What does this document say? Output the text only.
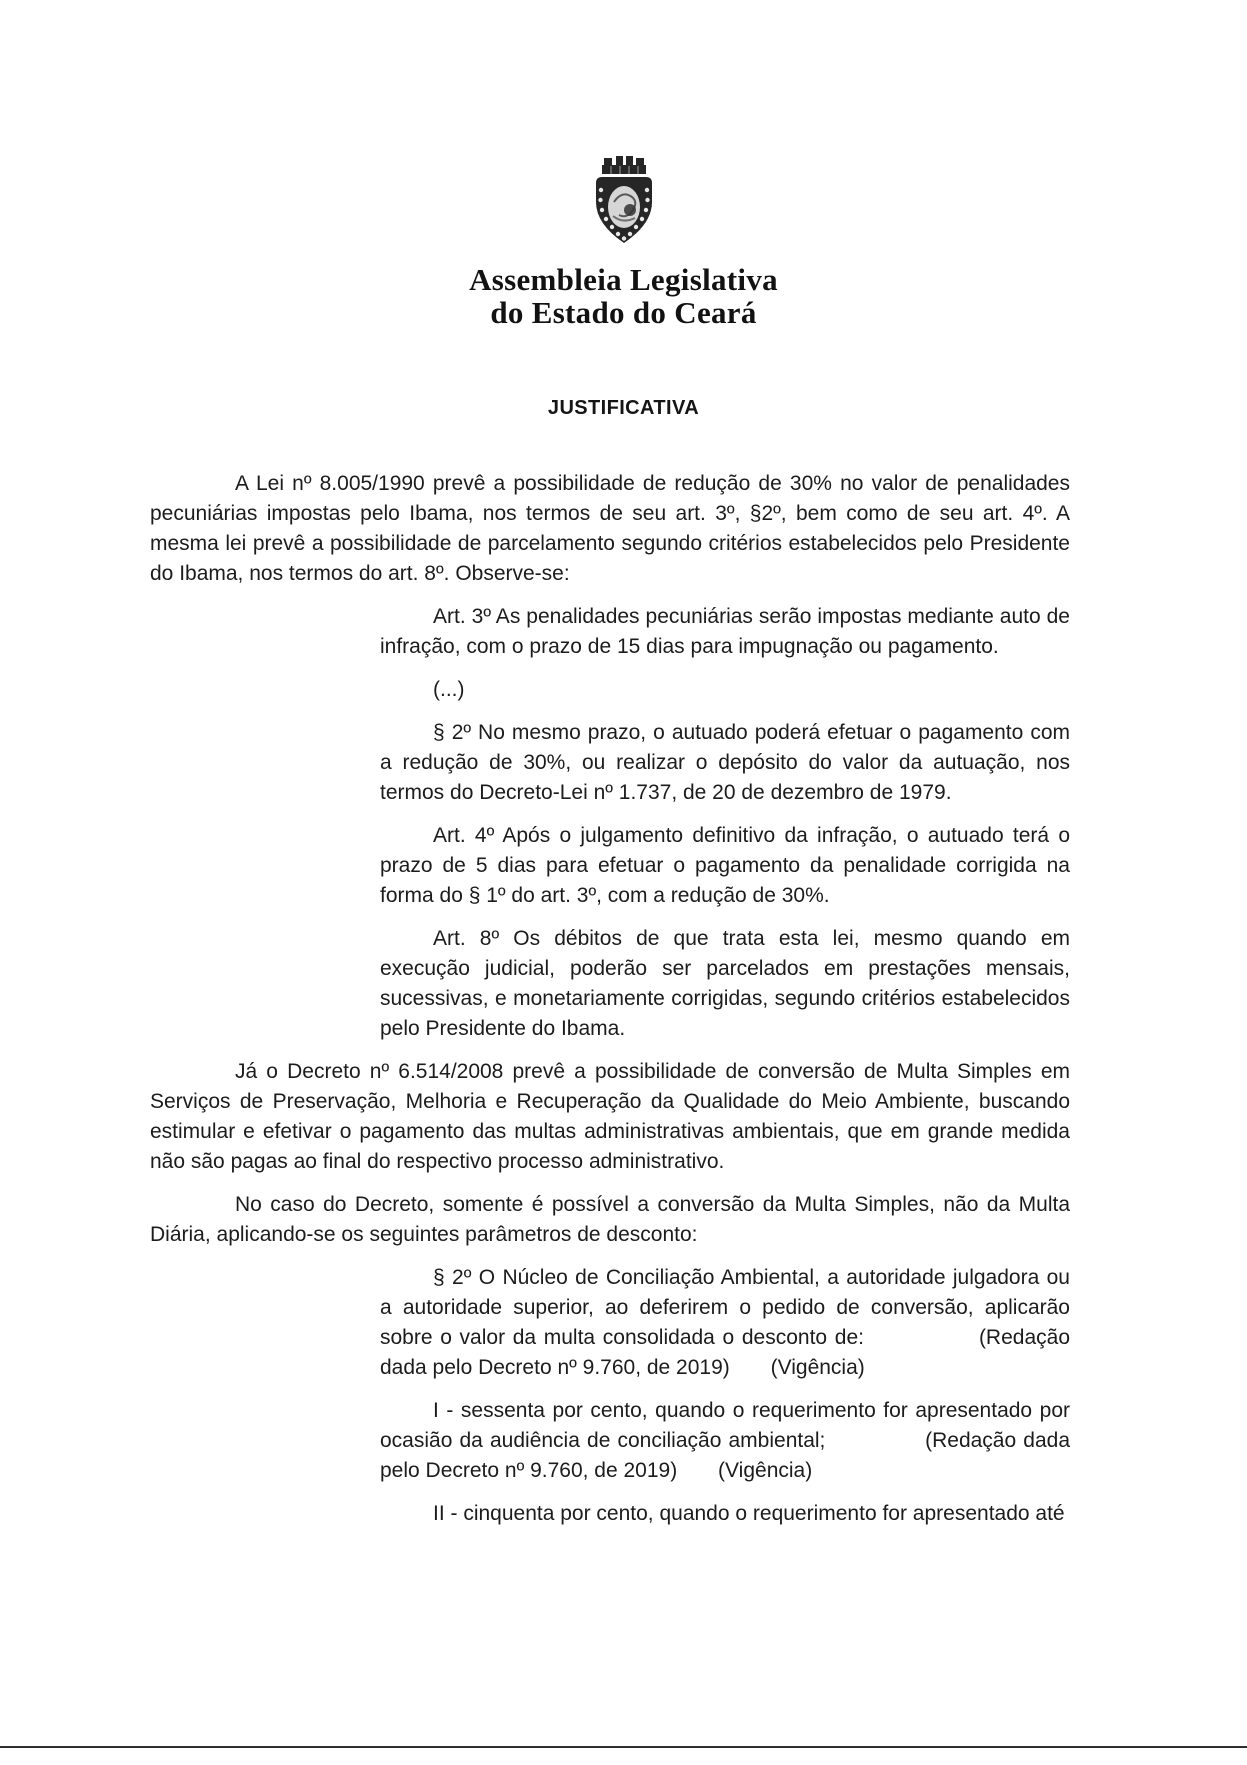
Assembleia Legislativa
do Estado do Ceará
JUSTIFICATIVA

A Lei nº 8.005/1990 prevê a possibilidade de redução de 30% no valor de penalidades pecuniárias impostas pelo Ibama, nos termos de seu art. 3º, §2º, bem como de seu art. 4º. A mesma lei prevê a possibilidade de parcelamento segundo critérios estabelecidos pelo Presidente do Ibama, nos termos do art. 8º. Observe-se:

Art. 3º As penalidades pecuniárias serão impostas mediante auto de infração, com o prazo de 15 dias para impugnação ou pagamento.

(...)

§ 2º No mesmo prazo, o autuado poderá efetuar o pagamento com a redução de 30%, ou realizar o depósito do valor da autuação, nos termos do Decreto-Lei nº 1.737, de 20 de dezembro de 1979.

Art. 4º Após o julgamento definitivo da infração, o autuado terá o prazo de 5 dias para efetuar o pagamento da penalidade corrigida na forma do § 1º do art. 3º, com a redução de 30%.

Art. 8º Os débitos de que trata esta lei, mesmo quando em execução judicial, poderão ser parcelados em prestações mensais, sucessivas, e monetariamente corrigidas, segundo critérios estabelecidos pelo Presidente do Ibama.

Já o Decreto nº 6.514/2008 prevê a possibilidade de conversão de Multa Simples em Serviços de Preservação, Melhoria e Recuperação da Qualidade do Meio Ambiente, buscando estimular e efetivar o pagamento das multas administrativas ambientais, que em grande medida não são pagas ao final do respectivo processo administrativo.

No caso do Decreto, somente é possível a conversão da Multa Simples, não da Multa Diária, aplicando-se os seguintes parâmetros de desconto:

§ 2º O Núcleo de Conciliação Ambiental, a autoridade julgadora ou a autoridade superior, ao deferirem o pedido de conversão, aplicarão sobre o valor da multa consolidada o desconto de:               (Redação dada pelo Decreto nº 9.760, de 2019)       (Vigência)

I - sessenta por cento, quando o requerimento for apresentado por ocasião da audiência de conciliação ambiental;              (Redação dada pelo Decreto nº 9.760, de 2019)       (Vigência)

II - cinquenta por cento, quando o requerimento for apresentado até
